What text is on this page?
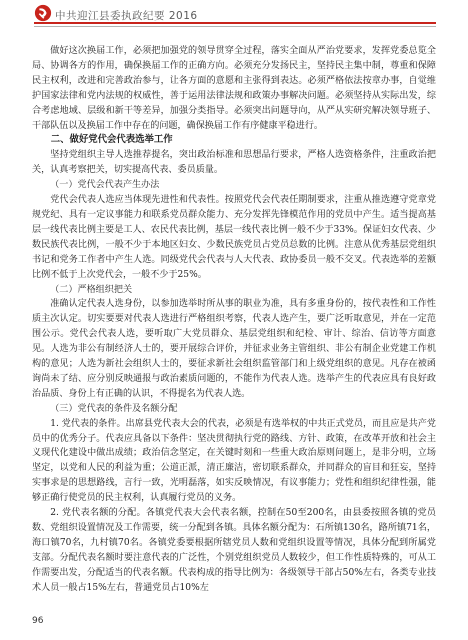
中共迎江县委执政纪要 2016

做好这次换届工作，必须把加强党的领导贯穿全过程，落实全面从严治党要求，发挥党委总览全局、协调各方的作用，确保换届工作的正确方向。必须充分发扬民主，坚持民主集中制，尊重和保障民主权利，改进和完善政治参与，让各方面的意愿和主张得到表达。必须严格依法按章办事，自觉维护国家法律和党内法规的权威性，善于运用法律法规和政策办事解决问题。必须坚持从实际出发，综合考虑地域、层级和新干等差异，加强分类指导。必须突出问题导向，从严从实研究解决领导班子、干部队伍以及换届工作中存在的问题，确保换届工作有序健康平稳进行。

二、做好党代会代表选举工作

坚持党组织主导人选推荐提名，突出政治标准和思想品行要求，严格人选资格条件，注重政治把关，认真考察把关，切实提高代表、委员质量。

（一）党代会代表产生办法

党代会代表人选应当体现先进性和代表性。按照党代会代表任期制要求，注重从推选遵守党章党规党纪、具有一定议事能力和联系党员群众能力、充分发挥先锋模范作用的党员中产生。适当提高基层一线代表比例主要是工人、农民代表比例，基层一线代表比例一般不少于33%。保证妇女代表、少数民族代表比例，一般不少于本地区妇女、少数民族党员占党员总数的比例。注意从优秀基层党组织书记和党务工作者中产生人选。同级党代会代表与人大代表、政协委员一般不交叉。代表选举的差额比例不低于上次党代会，一般不少于25%。

（二）严格组织把关

准确认定代表人选身份，以参加选举时所从事的职业为准，具有多重身份的，按代表性和工作性质主次认定。切实要要对代表人选进行严格组织考察，代表人选产生，要广泛听取意见，并在一定范围公示。党代会代表人选，要听取广大党员群众、基层党组织和纪检、审计、综治、信访等方面意见。人选为非公有制经济人士的，要开展综合评价，并征求业务主管组织、非公有制企业党建工作机构的意见；人选为新社会组织人士的，要征求新社会组织监管部门和上级党组织的意见。凡存在被函询尚未了结、应分别反映通报与政治素质问题的，不能作为代表人选。选举产生的代表应具有良好政治品质、身份上有正确的认识，不得提名为代表人选。

（三）党代表的条件及名额分配

1. 党代表的条件。出席县党代表大会的代表，必须是有选举权的中共正式党员，而且应是共产党员中的优秀分子。代表应具备以下条件：坚决贯彻执行党的路线、方针、政策，在改革开放和社会主义现代化建设中做出成绩；政治信念坚定，在关键时刻和一些重大政治原则问题上，是非分明，立场坚定，以党和人民的利益为重；公道正派，清正廉洁，密切联系群众，并同群众的盲目和狂妄，坚持实事求是的思想路线，言行一致，光明磊落，如实反映情况，有议事能力；党性和组织纪律性强，能够正确行使党员的民主权利，认真履行党员的义务。

2. 党代表名额的分配。各镇党代表大会代表名额，控制在50至200名，由县委按照各镇的党员数、党组织设置情况及工作需要，统一分配到各镇。具体名额分配为：石所镇130名，路所镇71名，海口镇70名，九村镇70名。各镇党委要根据所辖党员人数和党组织设置等情况，具体分配到所属党支部。分配代表名额时要注意代表的广泛性，个别党组织党员人数较少，但工作性质特殊的，可从工作需要出发，分配适当的代表名额。代表构成的指导比例为：各级领导干部占50%左右，各类专业技术人员一般占15%左右，普通党员占10%左

96
